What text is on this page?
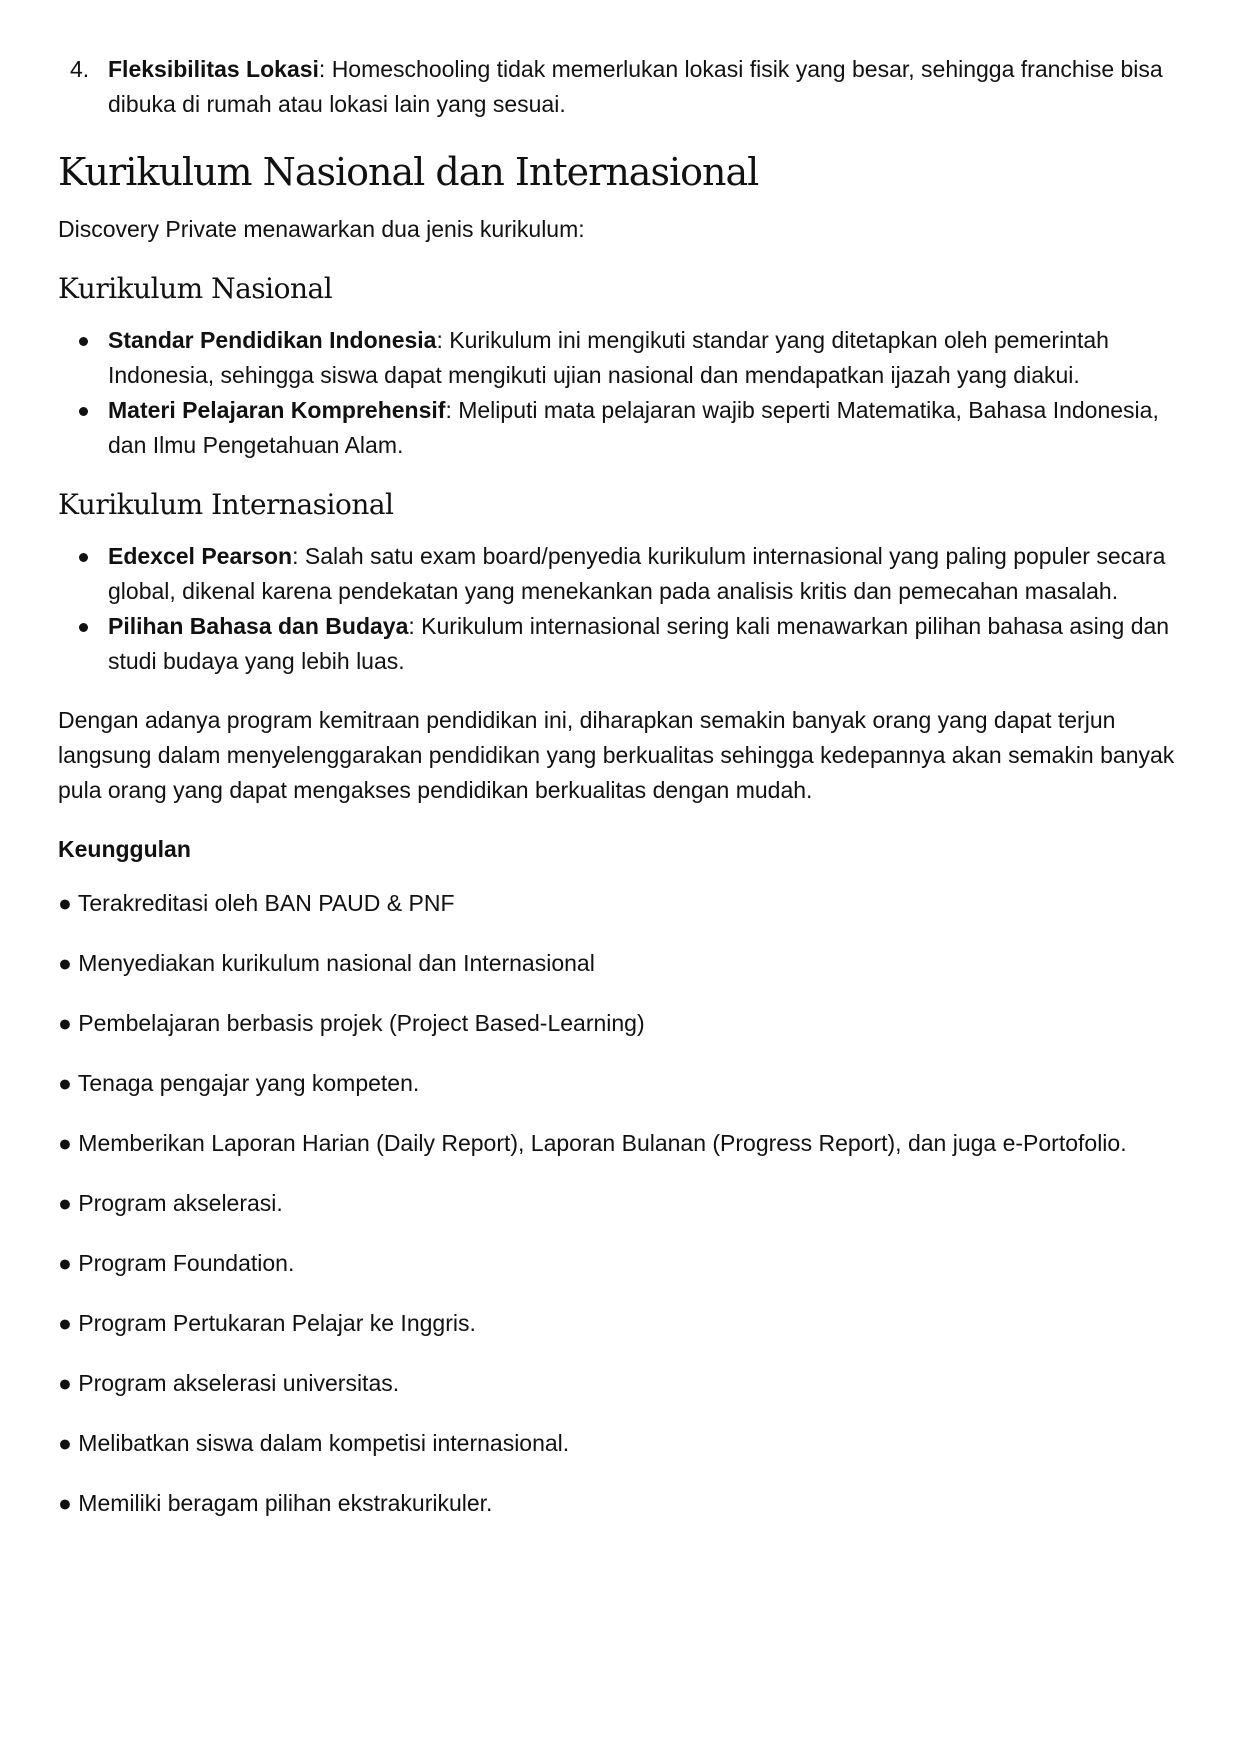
4. Fleksibilitas Lokasi: Homeschooling tidak memerlukan lokasi fisik yang besar, sehingga franchise bisa dibuka di rumah atau lokasi lain yang sesuai.
Kurikulum Nasional dan Internasional

Discovery Private menawarkan dua jenis kurikulum:

Kurikulum Nasional
Standar Pendidikan Indonesia: Kurikulum ini mengikuti standar yang ditetapkan oleh pemerintah Indonesia, sehingga siswa dapat mengikuti ujian nasional dan mendapatkan ijazah yang diakui.
Materi Pelajaran Komprehensif: Meliputi mata pelajaran wajib seperti Matematika, Bahasa Indonesia, dan Ilmu Pengetahuan Alam.
Kurikulum Internasional
Edexcel Pearson: Salah satu exam board/penyedia kurikulum internasional yang paling populer secara global, dikenal karena pendekatan yang menekankan pada analisis kritis dan pemecahan masalah.
Pilihan Bahasa dan Budaya: Kurikulum internasional sering kali menawarkan pilihan bahasa asing dan studi budaya yang lebih luas.

Dengan adanya program kemitraan pendidikan ini, diharapkan semakin banyak orang yang dapat terjun langsung dalam menyelenggarakan pendidikan yang berkualitas sehingga kedepannya akan semakin banyak pula orang yang dapat mengakses pendidikan berkualitas dengan mudah.

Keunggulan

● Terakreditasi oleh BAN PAUD & PNF

● Menyediakan kurikulum nasional dan Internasional

● Pembelajaran berbasis projek (Project Based-Learning)

● Tenaga pengajar yang kompeten.

● Memberikan Laporan Harian (Daily Report), Laporan Bulanan (Progress Report), dan juga e-Portofolio.

● Program akselerasi.

● Program Foundation.

● Program Pertukaran Pelajar ke Inggris.

● Program akselerasi universitas.

● Melibatkan siswa dalam kompetisi internasional.

● Memiliki beragam pilihan ekstrakurikuler.
